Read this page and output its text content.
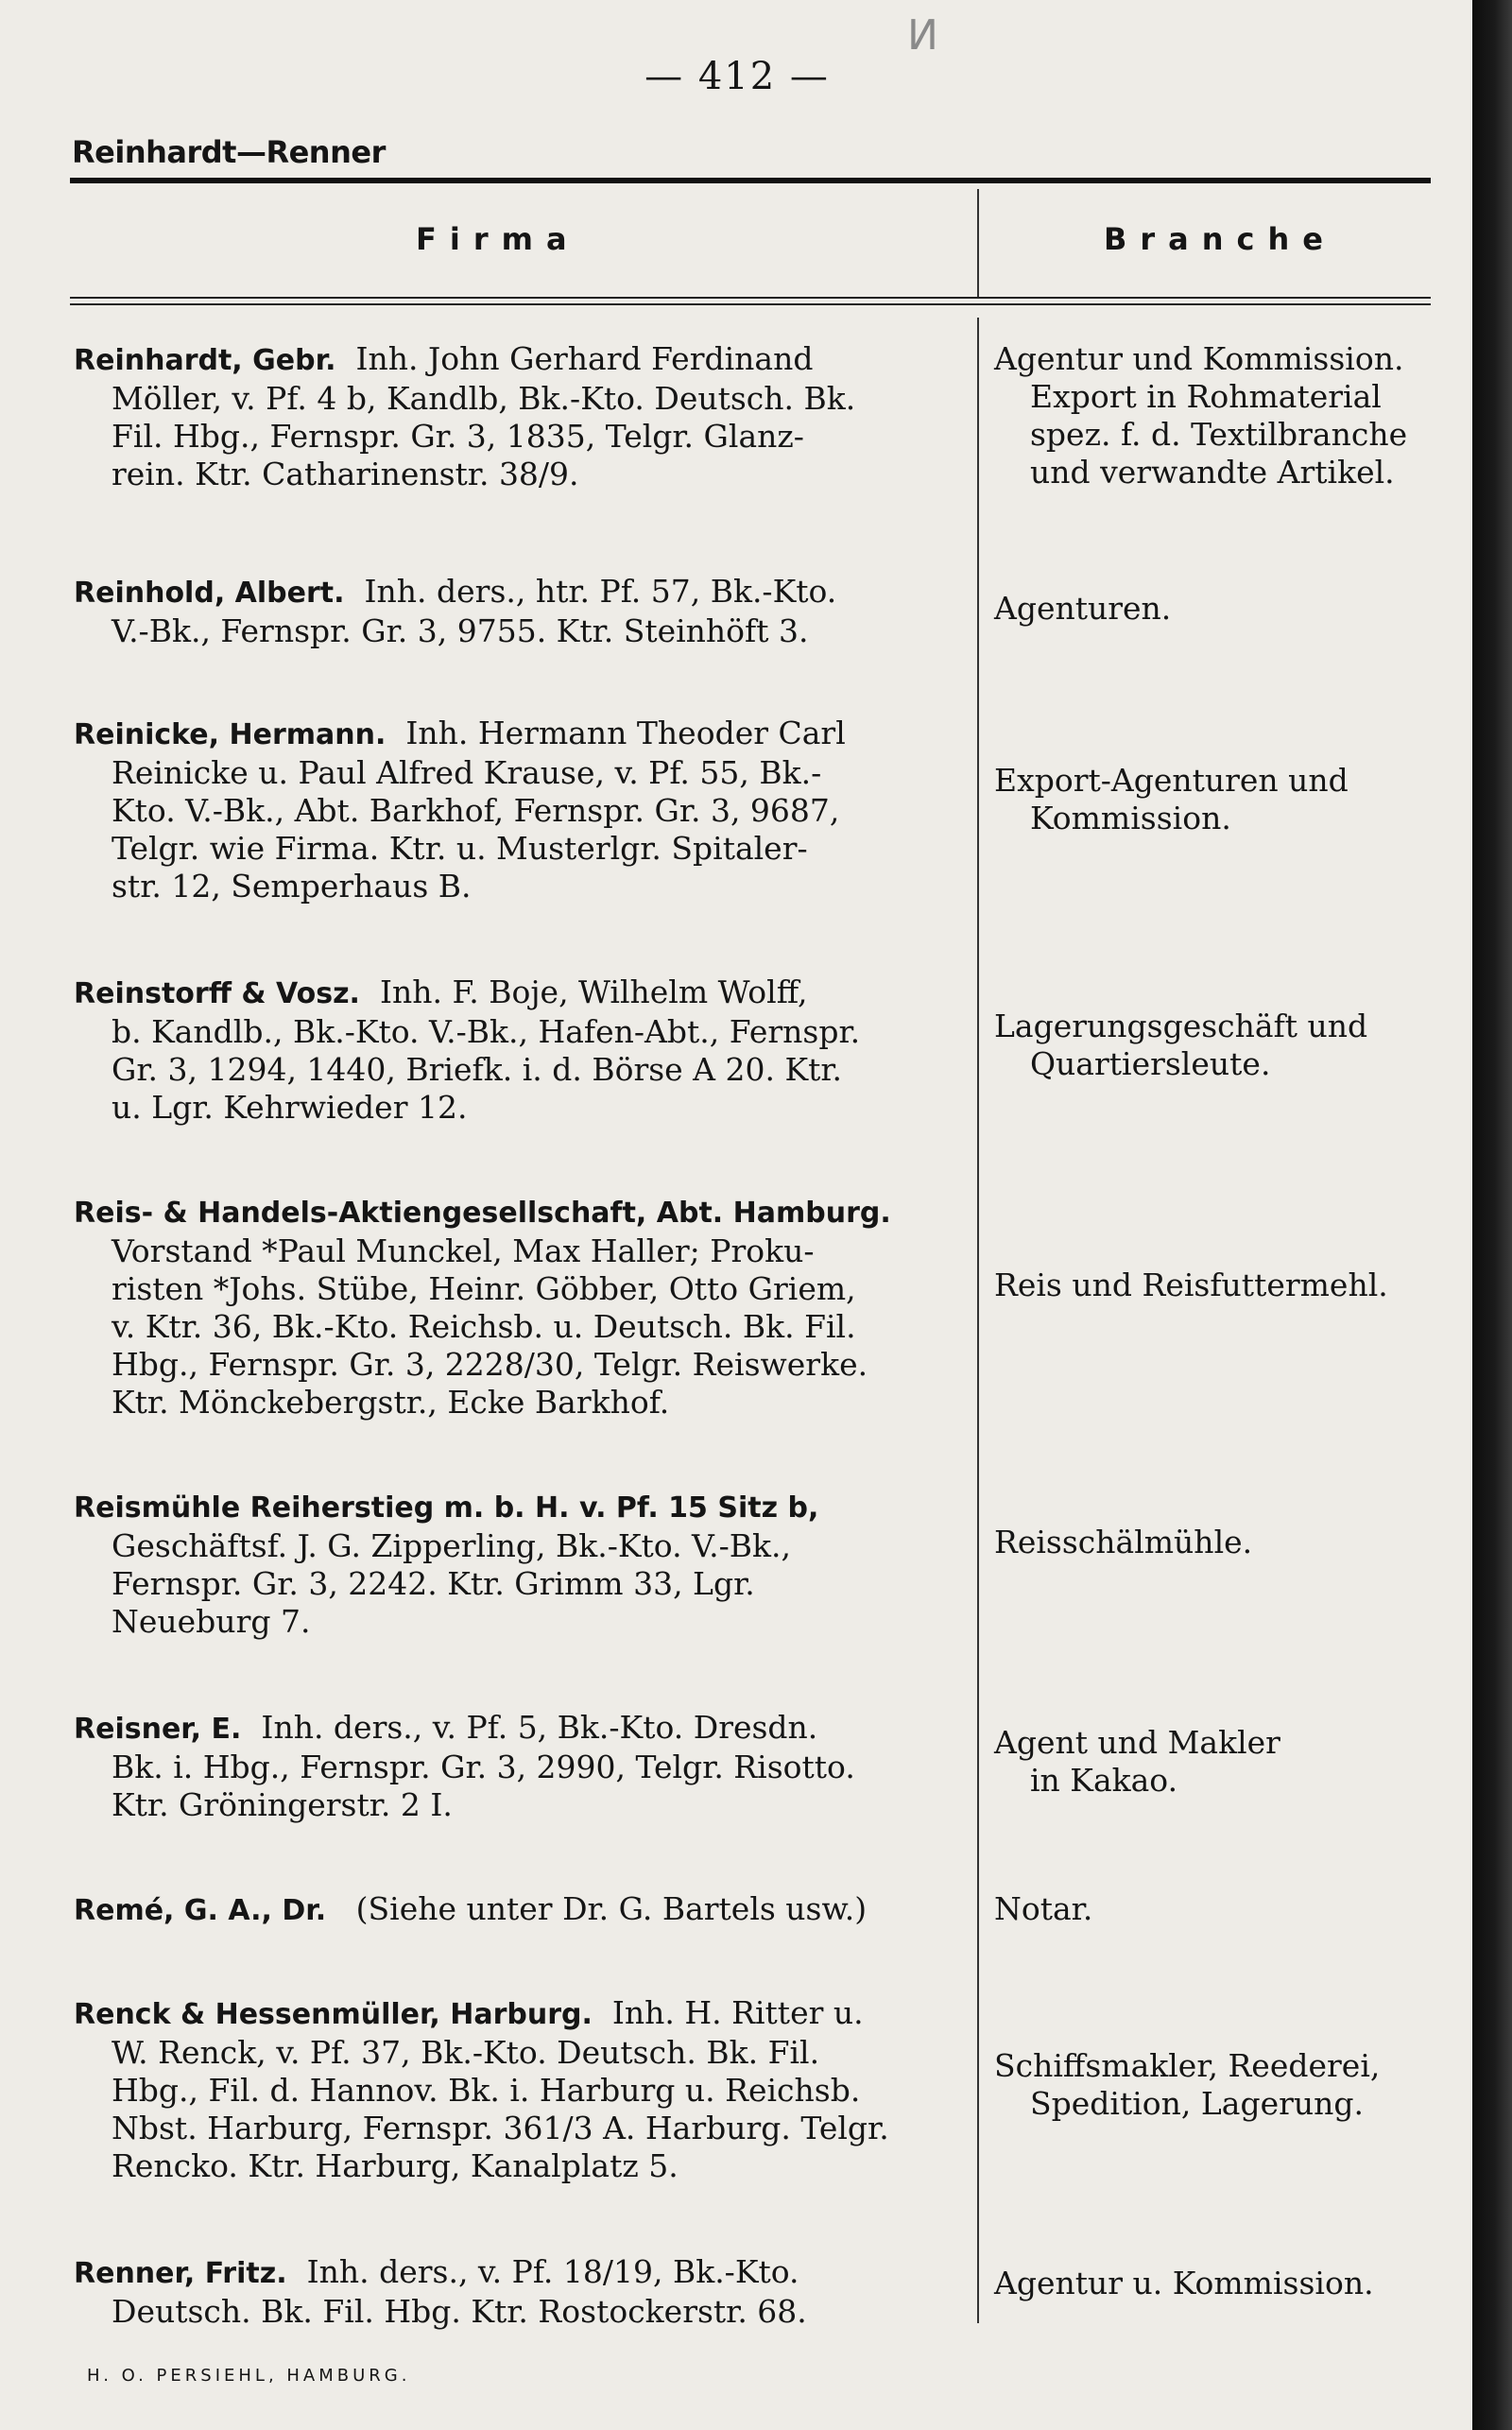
И
— 412 —
Reinhardt—Renner
Firma	Branche
Reinhardt, Gebr. Inh. John Gerhard Ferdinand
Möller, v. Pf. 4 b, Kandlb, Bk.-Kto. Deutsch. Bk.
Fil. Hbg., Fernspr. Gr. 3, 1835, Telgr. Glanz-
rein. Ktr. Catharinenstr. 38/9.
Agentur und Kommission.
Export in Rohmaterial
spez. f. d. Textilbranche
und verwandte Artikel.
Reinhold, Albert. Inh. ders., htr. Pf. 57, Bk.-Kto.
V.-Bk., Fernspr. Gr. 3, 9755. Ktr. Steinhöft 3.
Agenturen.
Reinicke, Hermann. Inh. Hermann Theoder Carl
Reinicke u. Paul Alfred Krause, v. Pf. 55, Bk.-
Kto. V.-Bk., Abt. Barkhof, Fernspr. Gr. 3, 9687,
Telgr. wie Firma. Ktr. u. Musterlgr. Spitaler-
str. 12, Semperhaus B.
Export-Agenturen und
Kommission.
Reinstorff & Vosz. Inh. F. Boje, Wilhelm Wolff,
b. Kandlb., Bk.-Kto. V.-Bk., Hafen-Abt., Fernspr.
Gr. 3, 1294, 1440, Briefk. i. d. Börse A 20. Ktr.
u. Lgr. Kehrwieder 12.
Lagerungsgeschäft und
Quartiersleute.
Reis- & Handels-Aktiengesellschaft, Abt. Hamburg.
Vorstand *Paul Munckel, Max Haller; Proku-
risten *Johs. Stübe, Heinr. Göbber, Otto Griem,
v. Ktr. 36, Bk.-Kto. Reichsb. u. Deutsch. Bk. Fil.
Hbg., Fernspr. Gr. 3, 2228/30, Telgr. Reiswerke.
Ktr. Mönckebergstr., Ecke Barkhof.
Reis und Reisfuttermehl.
Reismühle Reiherstieg m. b. H. v. Pf. 15 Sitz b,
Geschäftsf. J. G. Zipperling, Bk.-Kto. V.-Bk.,
Fernspr. Gr. 3, 2242. Ktr. Grimm 33, Lgr.
Neueburg 7.
Reisschälmühle.
Reisner, E. Inh. ders., v. Pf. 5, Bk.-Kto. Dresdn.
Bk. i. Hbg., Fernspr. Gr. 3, 2990, Telgr. Risotto.
Ktr. Gröningerstr. 2 I.
Agent und Makler
in Kakao.
Remé, G. A., Dr. (Siehe unter Dr. G. Bartels usw.)	Notar.
Renck & Hessenmüller, Harburg. Inh. H. Ritter u.
W. Renck, v. Pf. 37, Bk.-Kto. Deutsch. Bk. Fil.
Hbg., Fil. d. Hannov. Bk. i. Harburg u. Reichsb.
Nbst. Harburg, Fernspr. 361/3 A. Harburg. Telgr.
Rencko. Ktr. Harburg, Kanalplatz 5.
Schiffsmakler, Reederei,
Spedition, Lagerung.
Renner, Fritz. Inh. ders., v. Pf. 18/19, Bk.-Kto.
Deutsch. Bk. Fil. Hbg. Ktr. Rostockerstr. 68.
Agentur u. Kommission.
H. O. PERSIEHL, HAMBURG.
